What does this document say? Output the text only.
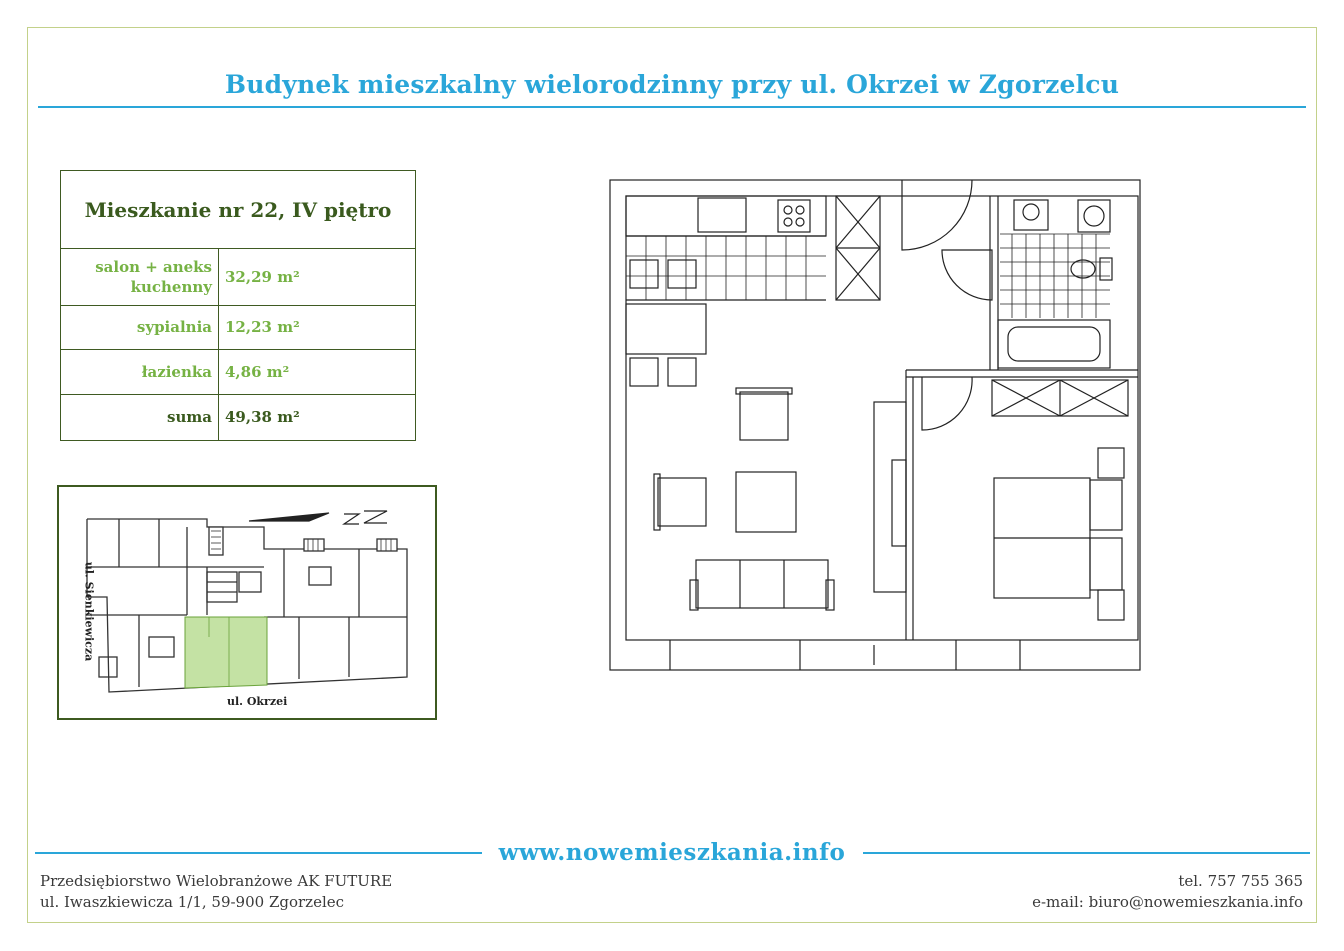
Budynek mieszkalny wielorodzinny przy ul. Okrzei w Zgorzelcu
Mieszkanie nr 22, IV piętro
salon + aneks
kuchenny
32,29 m²
sypialnia 12,23 m²
łazienka 4,86 m²
suma 49,38 m²
ul. Sienkiewicza
ul. Okrzei
www.nowemieszkania.info
Przedsiębiorstwo Wielobranżowe AK FUTURE
ul. Iwaszkiewicza 1/1, 59-900 Zgorzelec
tel. 757 755 365
e-mail: biuro@nowemieszkania.info
